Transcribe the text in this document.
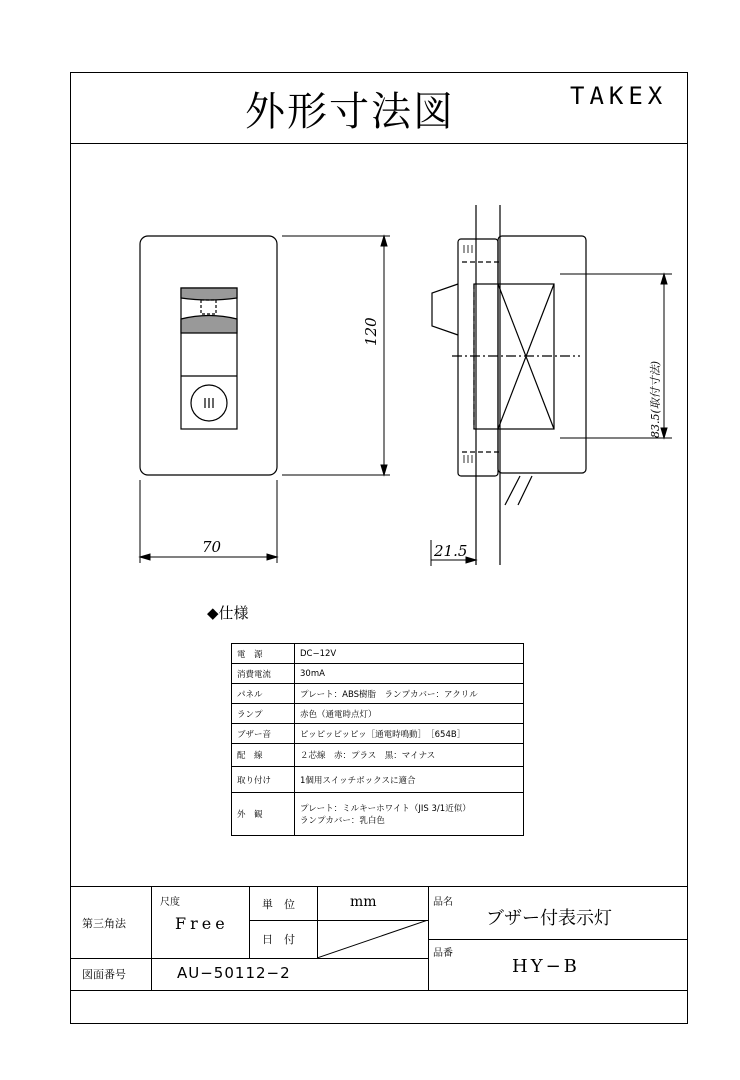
外形寸法図	TAKEX
120
70
83.5(取付寸法)
21.5
◆仕様
電　源	DC−12V
消費電流	30mA
パネル	プレート：ABS樹脂　ランプカバー：アクリル
ランプ	赤色（通電時点灯）
ブザー音	ピッピッピッピッ［通電時鳴動］　［654B］
配　線	２芯線　赤：プラス　黒：マイナス
取り付け	1個用スイッチボックスに適合
外　観	プレート：ミルキーホワイト（JIS 3/1近似）
ランプカバー：乳白色
第三角法
尺度
Free
単　位	mm
日　付
品名
ブザー付表示灯
品番
HY−B
図面番号	AU−50112−2
